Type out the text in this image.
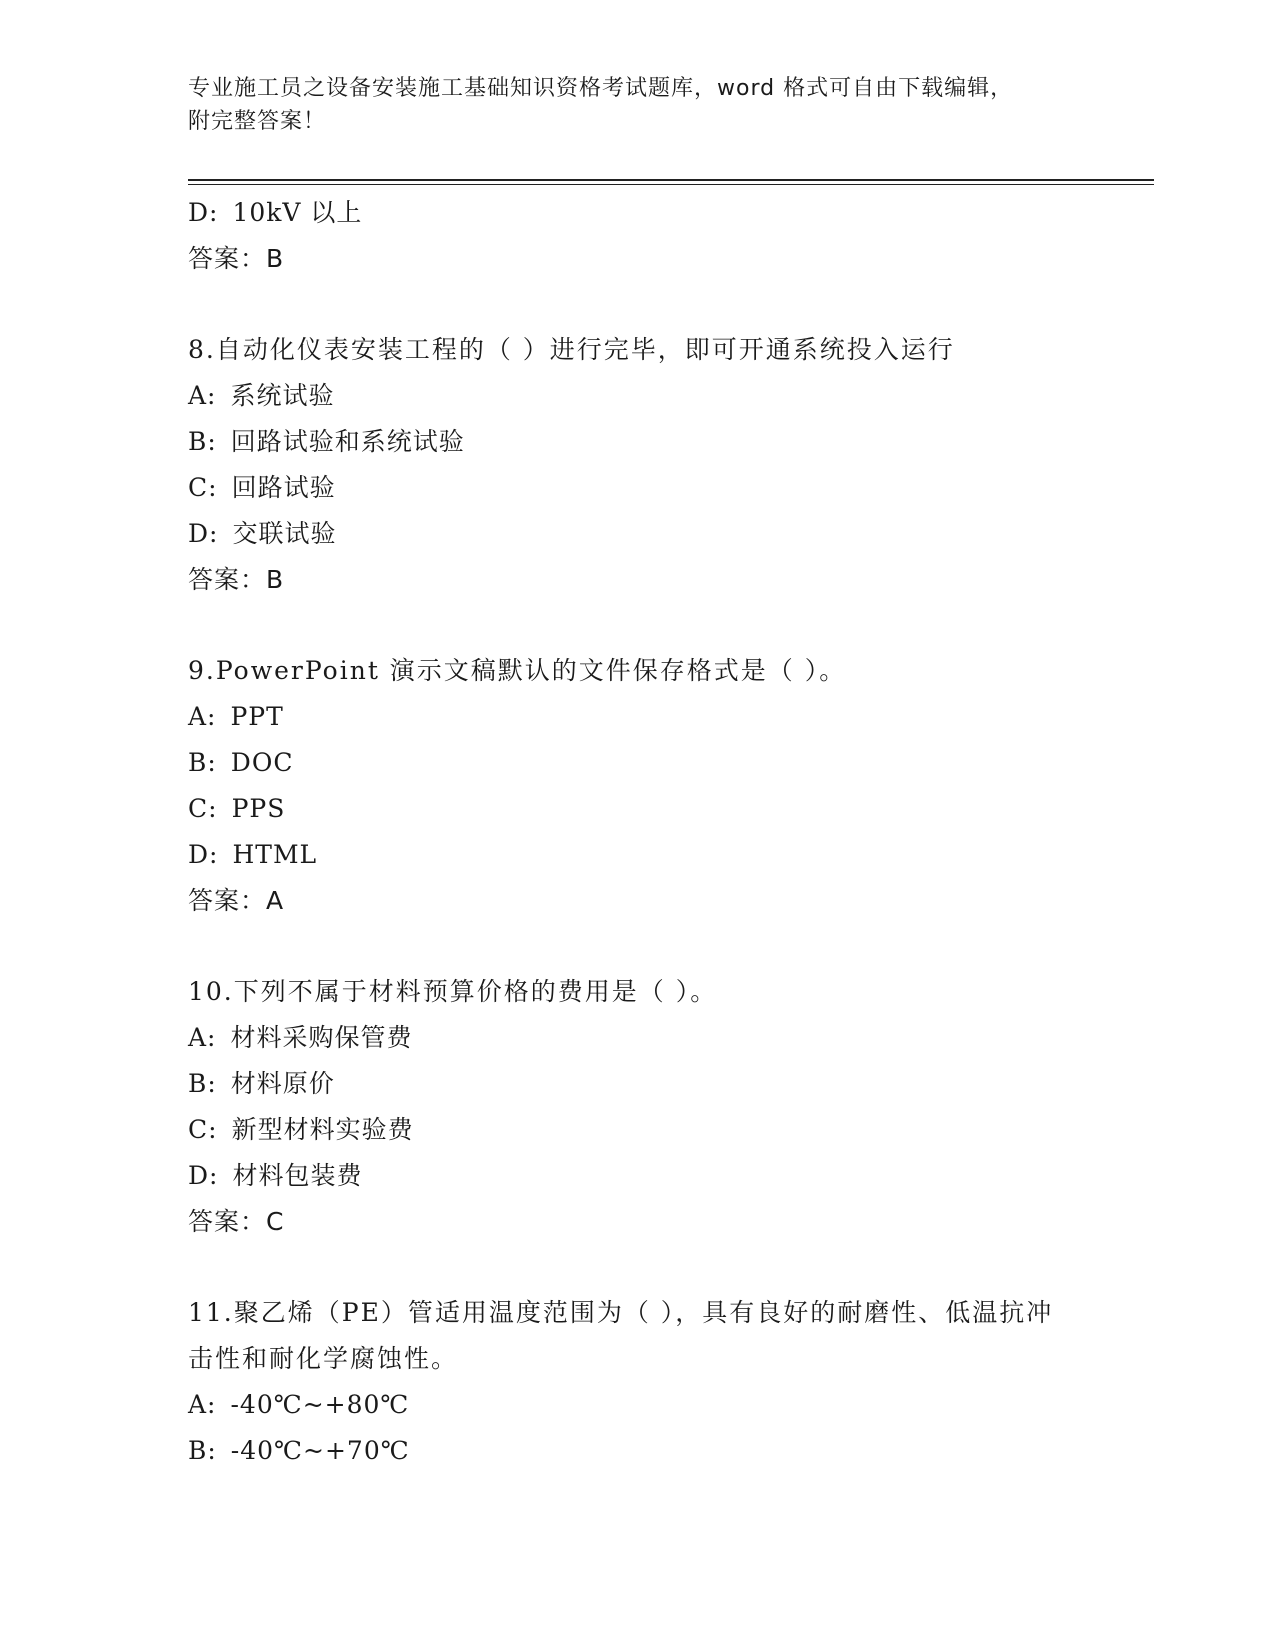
专业施工员之设备安装施工基础知识资格考试题库，word 格式可自由下载编辑，
附完整答案！
D: 10kV 以上
答案：B
8.自动化仪表安装工程的（ ）进行完毕，即可开通系统投入运行
A: 系统试验
B: 回路试验和系统试验
C: 回路试验
D: 交联试验
答案：B
9.PowerPoint 演示文稿默认的文件保存格式是（ ）。
A: PPT
B: DOC
C: PPS
D: HTML
答案：A
10.下列不属于材料预算价格的费用是（ ）。
A: 材料采购保管费
B: 材料原价
C: 新型材料实验费
D: 材料包装费
答案：C
11.聚乙烯（PE）管适用温度范围为（ ），具有良好的耐磨性、低温抗冲击性和耐化学腐蚀性。
A: -40℃~+80℃
B: -40℃~+70℃
